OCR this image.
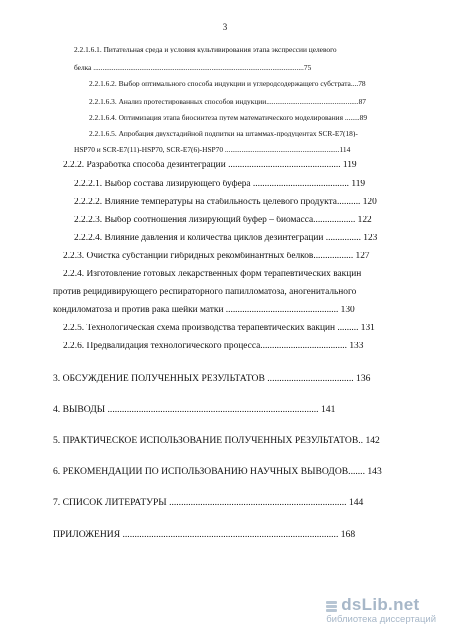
3
2.2.1.6.1. Питательная среда и условия культивирования этапа экспрессии целевого
белка ..................................................................................................................75
2.2.1.6.2. Выбор оптимального способа индукции и углеродсодержащего субстрата....78
2.2.1.6.3. Анализ протестированных способов индукции..................................................87
2.2.1.6.4. Оптимизация этапа биосинтеза путем математического моделирования ........89
2.2.1.6.5. Апробация двухстадийной подпитки на штаммах-продуцентах SCR-E7(18)-
HSP70 и SCR-E7(11)-HSP70, SCR-E7(6)-HSP70 ..............................................................114
2.2.2. Разработка способа дезинтеграции ................................................ 119
2.2.2.1. Выбор состава лизирующего буфера ......................................... 119
2.2.2.2. Влияние температуры на стабильность целевого продукта.......... 120
2.2.2.3. Выбор соотношения лизирующий буфер – биомасса.................. 122
2.2.2.4. Влияние давления и количества циклов дезинтеграции ............... 123
2.2.3. Очистка субстанции гибридных рекомбинантных белков................. 127
2.2.4. Изготовление готовых лекарственных форм терапевтических вакцин
против рецидивирующего респираторного папилломатоза, аногенитального
кондиломатоза и против рака шейки матки ................................................ 130
2.2.5. Технологическая схема производства терапевтических вакцин ......... 131
2.2.6. Предвалидация технологического процесса..................................... 133
3. ОБСУЖДЕНИЕ ПОЛУЧЕННЫХ РЕЗУЛЬТАТОВ .................................... 136
4. ВЫВОДЫ ........................................................................................ 141
5. ПРАКТИЧЕСКОЕ ИСПОЛЬЗОВАНИЕ ПОЛУЧЕННЫХ РЕЗУЛЬТАТОВ.. 142
6. РЕКОМЕНДАЦИИ ПО ИСПОЛЬЗОВАНИЮ НАУЧНЫХ ВЫВОДОВ....... 143
7. СПИСОК ЛИТЕРАТУРЫ .......................................................................... 144
ПРИЛОЖЕНИЯ .......................................................................................... 168
dsLib.net
библиотека диссертаций
